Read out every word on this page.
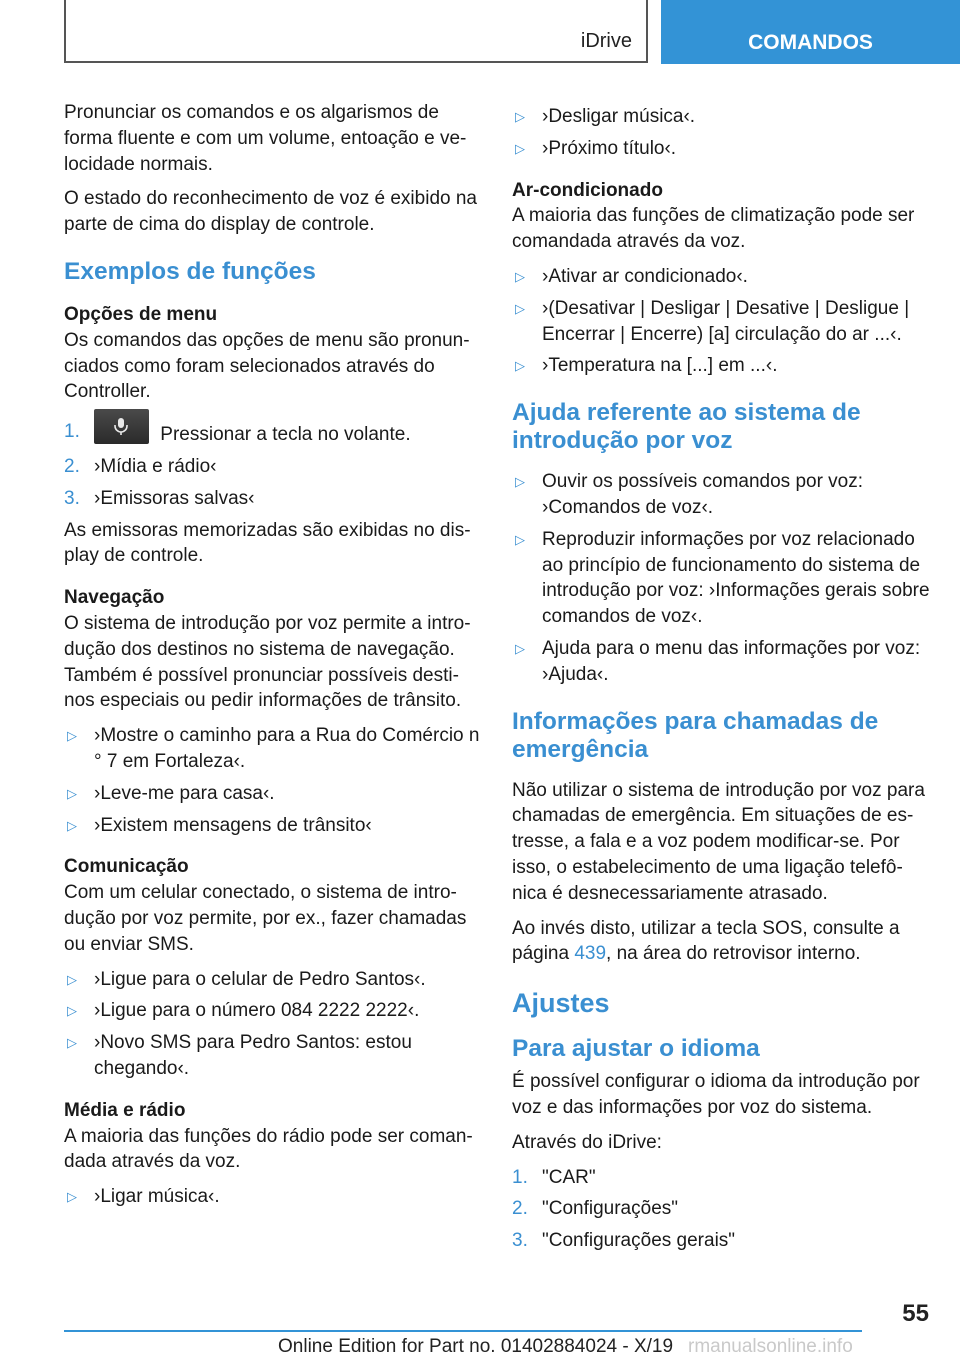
iDrive	COMANDOS

Pronunciar os comandos e os algarismos de forma fluente e com um volume, entoação e velocidade normais.

O estado do reconhecimento de voz é exibido na parte de cima do display de controle.

Exemplos de funções
Opções de menu

Os comandos das opções de menu são pronunciados como foram selecionados através do Controller.

1.	Pressionar a tecla no volante.
2. ›Mídia e rádio‹
3. ›Emissoras salvas‹

As emissoras memorizadas são exibidas no display de controle.

Navegação

O sistema de introdução por voz permite a introdução dos destinos no sistema de navegação. Também é possível pronunciar possíveis destinos especiais ou pedir informações de trânsito.

▷ ›Mostre o caminho para a Rua do Comércio n ° 7 em Fortaleza‹.
▷ ›Leve-me para casa‹.
▷ ›Existem mensagens de trânsito‹
Comunicação

Com um celular conectado, o sistema de introdução por voz permite, por ex., fazer chamadas ou enviar SMS.

▷ ›Ligue para o celular de Pedro Santos‹.
▷ ›Ligue para o número 084 2222 2222‹.
▷ ›Novo SMS para Pedro Santos: estou chegando‹.
Média e rádio

A maioria das funções do rádio pode ser comandada através da voz.

▷ ›Ligar música‹.
▷ ›Desligar música‹.
▷ ›Próximo título‹.
Ar-condicionado

A maioria das funções de climatização pode ser comandada através da voz.

▷ ›Ativar ar condicionado‹.
▷ ›(Desativar | Desligar | Desative | Desligue | Encerrar | Encerre) [a] circulação do ar ...‹.
▷ ›Temperatura na [...] em ...‹.
Ajuda referente ao sistema de introdução por voz
▷ Ouvir os possíveis comandos por voz: ›Comandos de voz‹.
▷ Reproduzir informações por voz relacionado ao princípio de funcionamento do sistema de introdução por voz: ›Informações gerais sobre comandos de voz‹.
▷ Ajuda para o menu das informações por voz: ›Ajuda‹.
Informações para chamadas de emergência

Não utilizar o sistema de introdução por voz para chamadas de emergência. Em situações de estresse, a fala e a voz podem modificar-se. Por isso, o estabelecimento de uma ligação telefônica é desnecessariamente atrasado.

Ao invés disto, utilizar a tecla SOS, consulte a página 439, na área do retrovisor interno.

Ajustes
Para ajustar o idioma

É possível configurar o idioma da introdução por voz e das informações por voz do sistema.

Através do iDrive:

1. "CAR"
2. "Configurações"
3. "Configurações gerais"
55
Online Edition for Part no. 01402884024 - X/19 rmanualsonline.info
